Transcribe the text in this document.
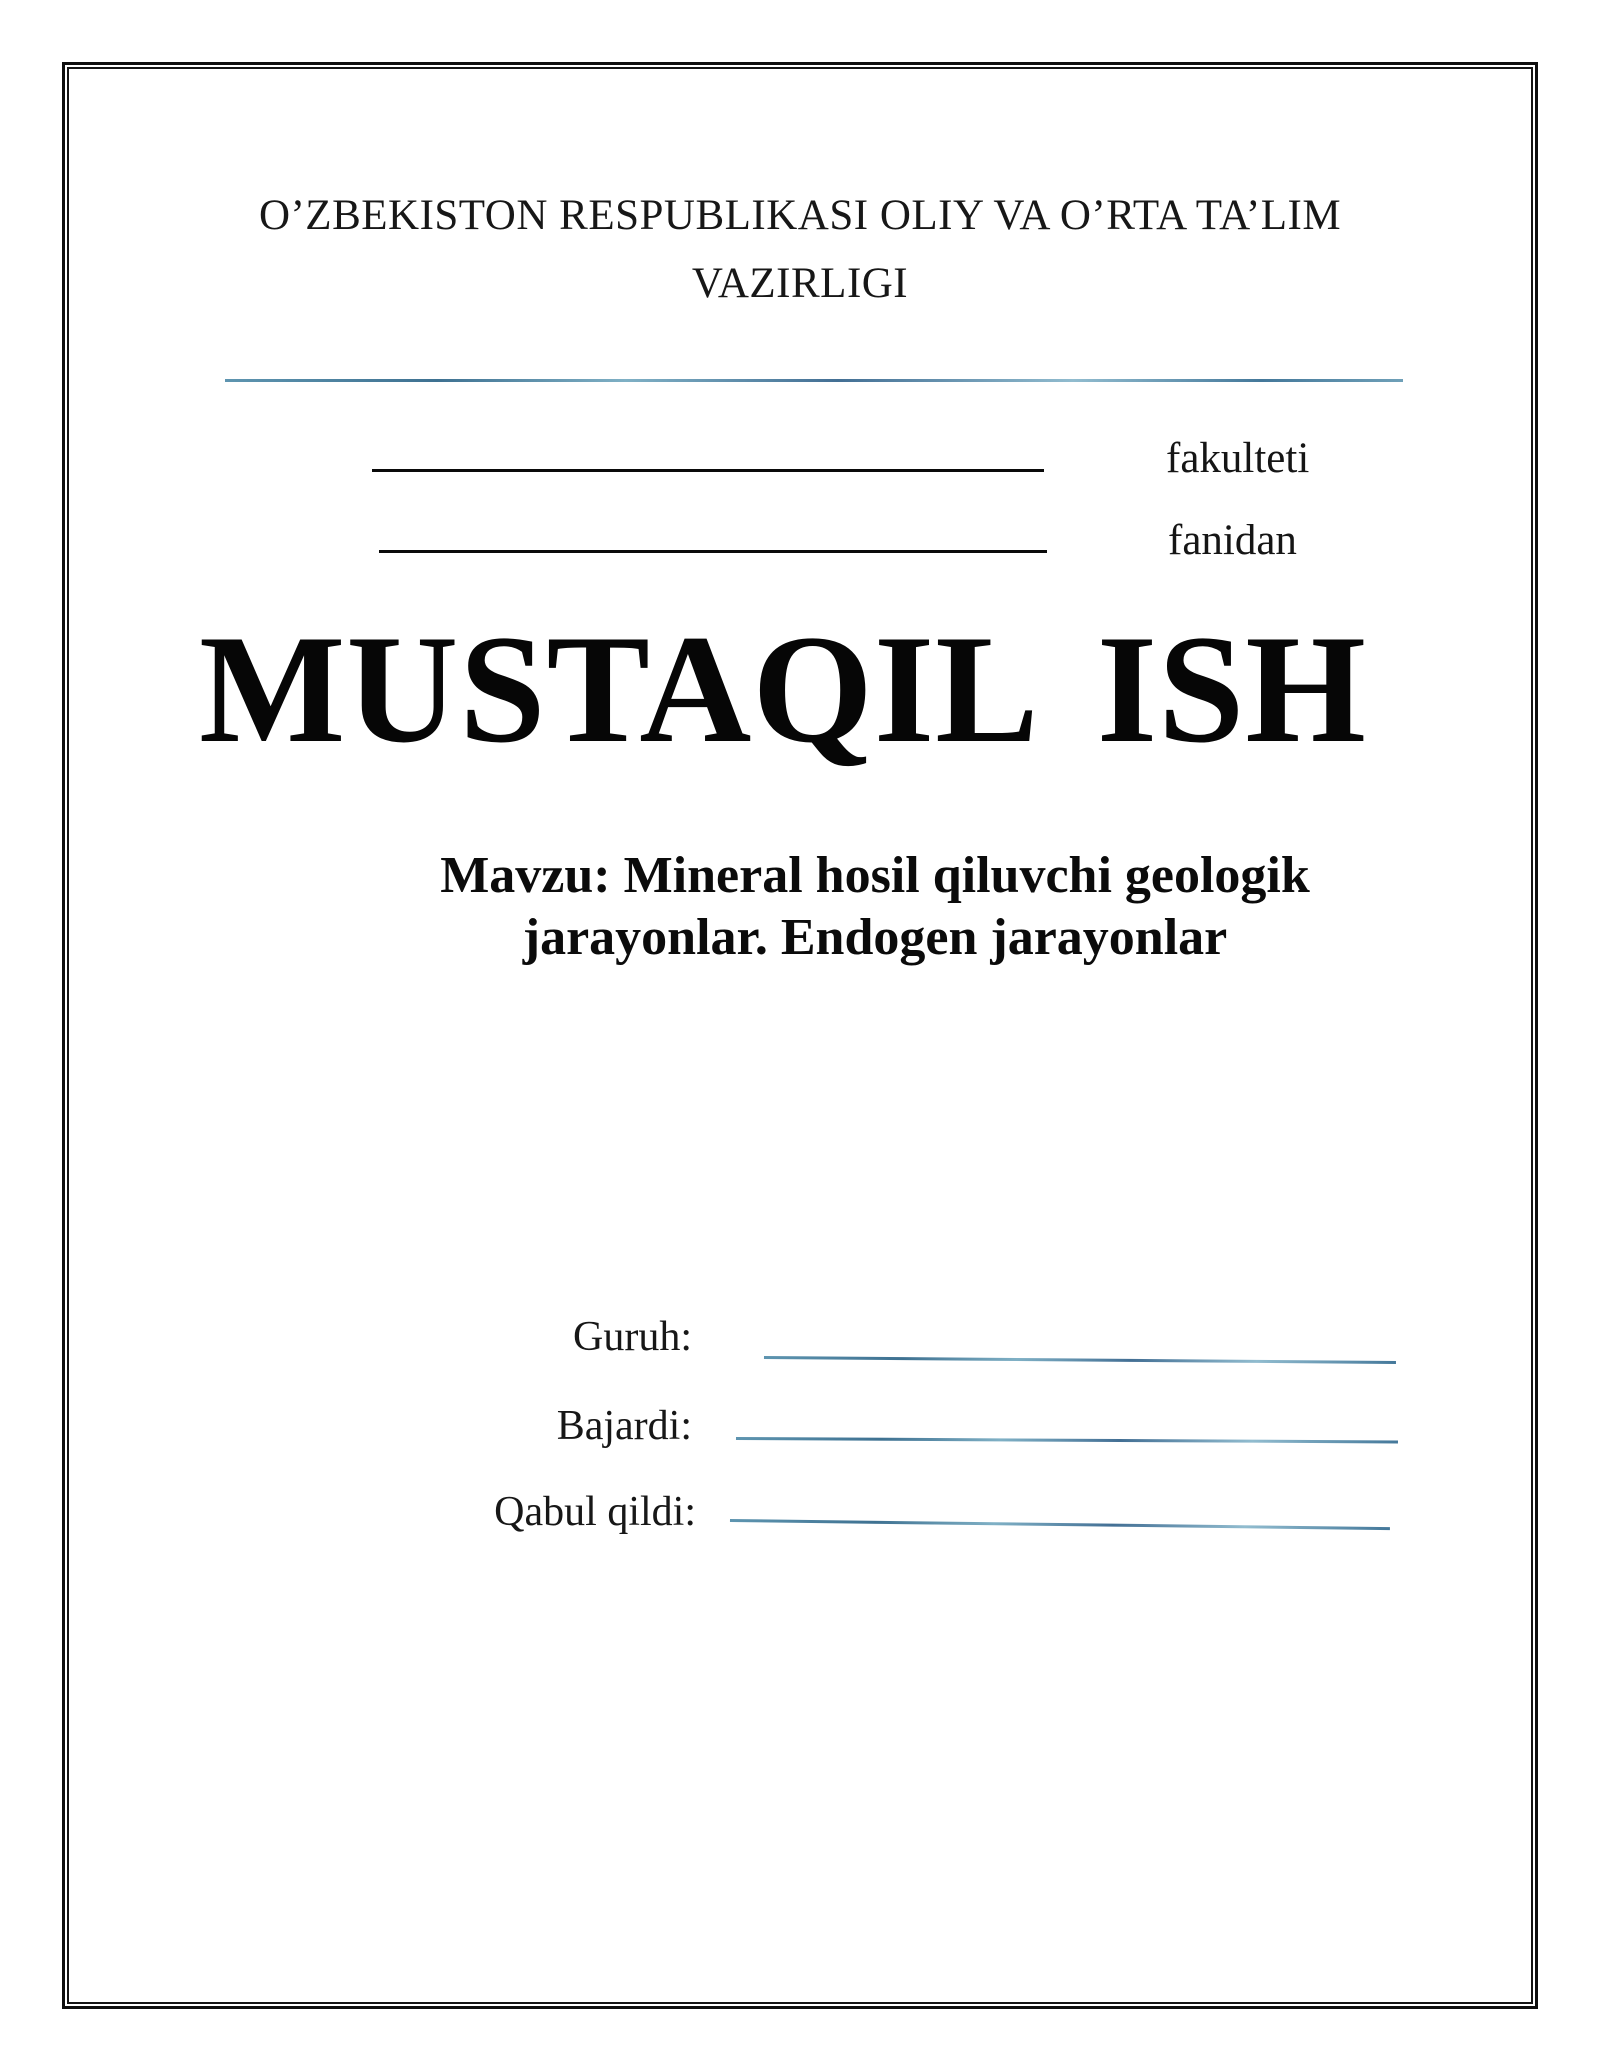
O’ZBEKISTON RESPUBLIKASI OLIY VA O’RTA TA’LIM VAZIRLIGI
fakulteti
fanidan
MUSTAQIL ISH
Mavzu: Mineral hosil qiluvchi geologik jarayonlar. Endogen jarayonlar
Guruh:
Bajardi:
Qabul qildi:
